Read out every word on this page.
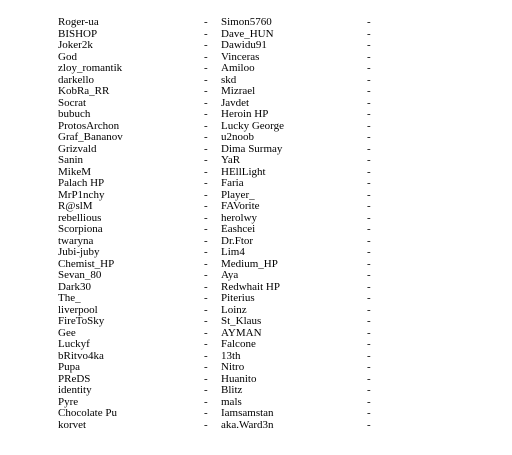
Roger-ua	-	Simon5760	-
BISHOP	-	Dave_HUN	-
Joker2k	-	Dawidu91	-
God	-	Vinceras	-
zloy_romantik	-	Amiloo	-
darkello	-	skd	-
KobRa_RR	-	Mizrael	-
Socrat	-	Javdet	-
bubuch	-	Heroin HP	-
ProtosArchon	-	Lucky George	-
Graf_Bananov	-	u2noob	-
Grizvald	-	Dima Surmay	-
Sanin	-	YaR	-
MikeM	-	HEllLight	-
Palach HP	-	Faria	-
MrP1nchy	-	Player_	-
R@slM	-	FAVorite	-
rebellious	-	herolwy	-
Scorpiona	-	Èashcei	-
twaryna	-	Dr.Ftor	-
Jubi-juby	-	Lim4	-
Chemist_HP	-	Medium_HP	-
Sevan_80	-	Aya	-
Dark30	-	Redwhait HP	-
The_	-	Piterius	-
liverpool	-	Loinz	-
FireToSky	-	St_Klaus	-
Gee	-	AYMAN	-
Luckyf	-	Falcone	-
bRitvo4ka	-	13th	-
Pupa	-	Nitro	-
PReDS	-	Huanito	-
identity	-	Blitz	-
Pyre	-	mals	-
Chocolate Pu	-	Iamsamstan	-
korvet	-	aka.Ward3n	-
